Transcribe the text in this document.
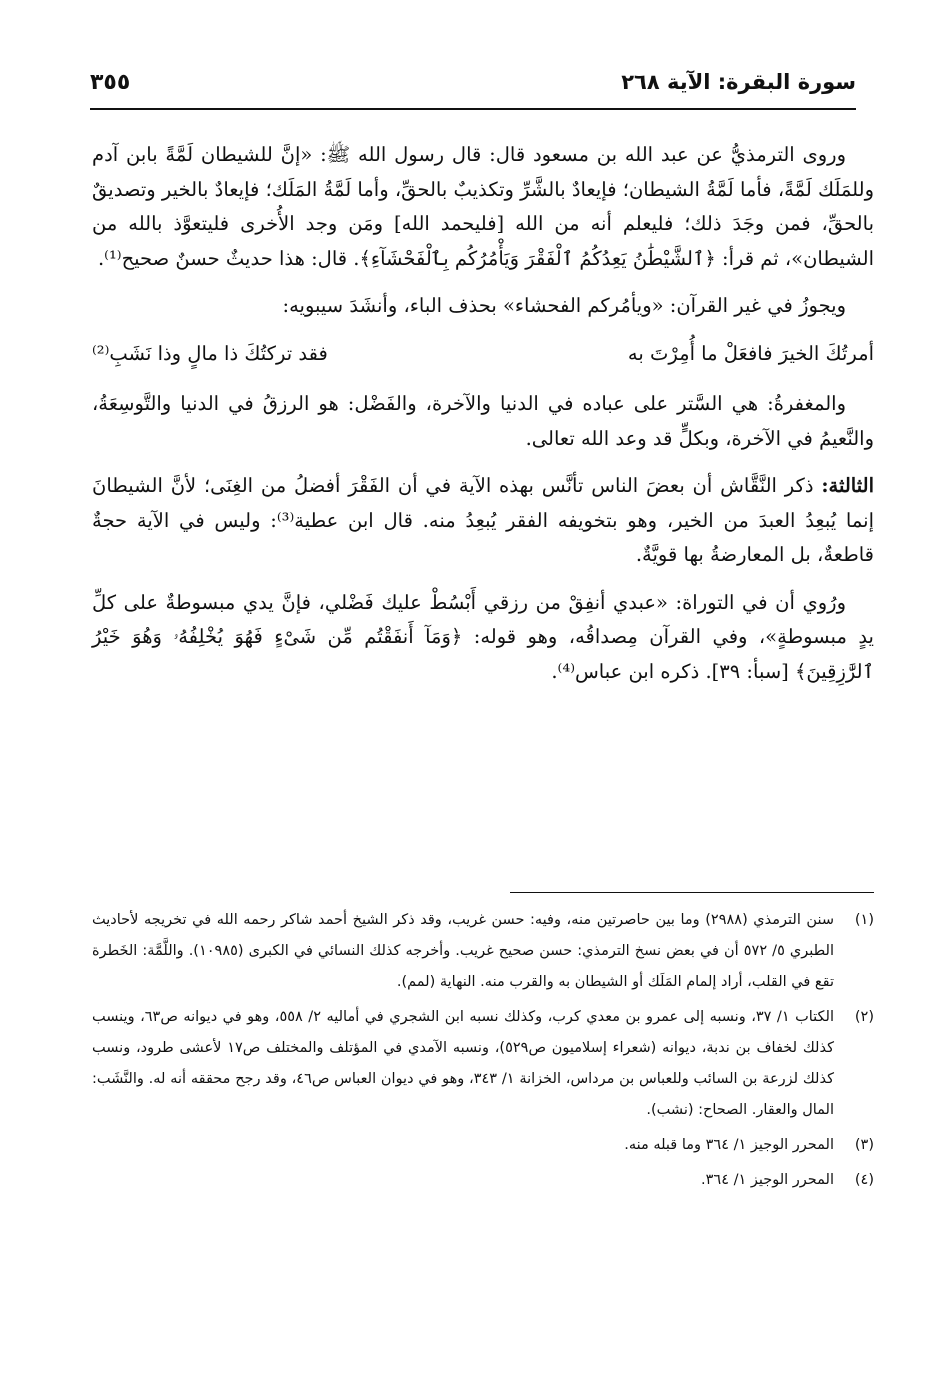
سورة البقرة: الآية ٢٦٨
٣٥٥

وروى الترمذيُّ عن عبد الله بن مسعود قال: قال رسول الله ﷺ: «إنَّ للشيطان لَمَّةً بابن آدم وللمَلَك لَمَّةً، فأما لَمَّةُ الشيطان؛ فإيعادٌ بالشَّرِّ وتكذيبٌ بالحقِّ، وأما لَمَّةُ المَلَك؛ فإيعادٌ بالخير وتصديقٌ بالحقِّ، فمن وجَدَ ذلك؛ فليعلم أنه من الله [فليحمد الله] ومَن وجد الأُخرى فليتعوَّذ بالله من الشيطان»، ثم قرأ: ﴿ٱلشَّيْطَٰنُ يَعِدُكُمُ ٱلْفَقْرَ وَيَأْمُرُكُم بِٱلْفَحْشَآءِ﴾. قال: هذا حديثٌ حسنٌ صحيح⁽¹⁾.

ويجوزُ في غير القرآن: «ويأمُركم الفحشاء» بحذف الباء، وأنشَدَ سيبويه:

أمرتُكَ الخيرَ فافعَلْ ما أُمِرْتَ به
فقد تركتُكَ ذا مالٍ وذا نَشَبِ⁽²⁾

والمغفرةُ: هي السَّتر على عباده في الدنيا والآخرة، والفَضْل: هو الرزقُ في الدنيا والتَّوسِعَةُ، والنَّعيمُ في الآخرة، وبكلٍّ قد وعد الله تعالى.

الثالثة: ذكر النَّقَّاش أن بعضَ الناس تأنَّس بهذه الآية في أن الفَقْرَ أفضلُ من الغِنَى؛ لأنَّ الشيطانَ إنما يُبعِدُ العبدَ من الخير، وهو بتخويفه الفقر يُبعِدُ منه. قال ابن عطية⁽³⁾: وليس في الآية حجةٌ قاطعةٌ، بل المعارضةُ بها قويَّةٌ.

ورُوي أن في التوراة: «عبدي أنفِقْ من رزقي أَبْسُطْ عليك فَضْلي، فإنَّ يدي مبسوطةٌ على كلِّ يدٍ مبسوطةٍ»، وفي القرآن مِصداقُه، وهو قوله: ﴿وَمَآ أَنفَقْتُم مِّن شَىْءٍ فَهُوَ يُخْلِفُهُۥ وَهُوَ خَيْرُ ٱلرَّٰزِقِينَ﴾ [سبأ: ٣٩]. ذكره ابن عباس⁽⁴⁾.

(١)
سنن الترمذي (٢٩٨٨) وما بين حاصرتين منه، وفيه: حسن غريب، وقد ذكر الشيخ أحمد شاكر رحمه الله في تخريجه لأحاديث الطبري ٥/ ٥٧٢ أن في بعض نسخ الترمذي: حسن صحيح غريب. وأخرجه كذلك النسائي في الكبرى (١٠٩٨٥). واللَّمَّة: الخَطرة تقع في القلب، أراد إلمام المَلَك أو الشيطان به والقرب منه. النهاية (لمم).
(٢)
الكتاب ١/ ٣٧، ونسبه إلى عمرو بن معدي كرب، وكذلك نسبه ابن الشجري في أماليه ٢/ ٥٥٨، وهو في ديوانه ص٦٣، وينسب كذلك لخفاف بن ندبة، ديوانه (شعراء إسلاميون ص٥٢٩)، ونسبه الآمدي في المؤتلف والمختلف ص١٧ لأعشى طرود، ونسب كذلك لزرعة بن السائب وللعباس بن مرداس، الخزانة ١/ ٣٤٣، وهو في ديوان العباس ص٤٦، وقد رجح محققه أنه له. والنَّشَب: المال والعقار. الصحاح: (نشب).
(٣)
المحرر الوجيز ١/ ٣٦٤ وما قبله منه.
(٤)
المحرر الوجيز ١/ ٣٦٤.
